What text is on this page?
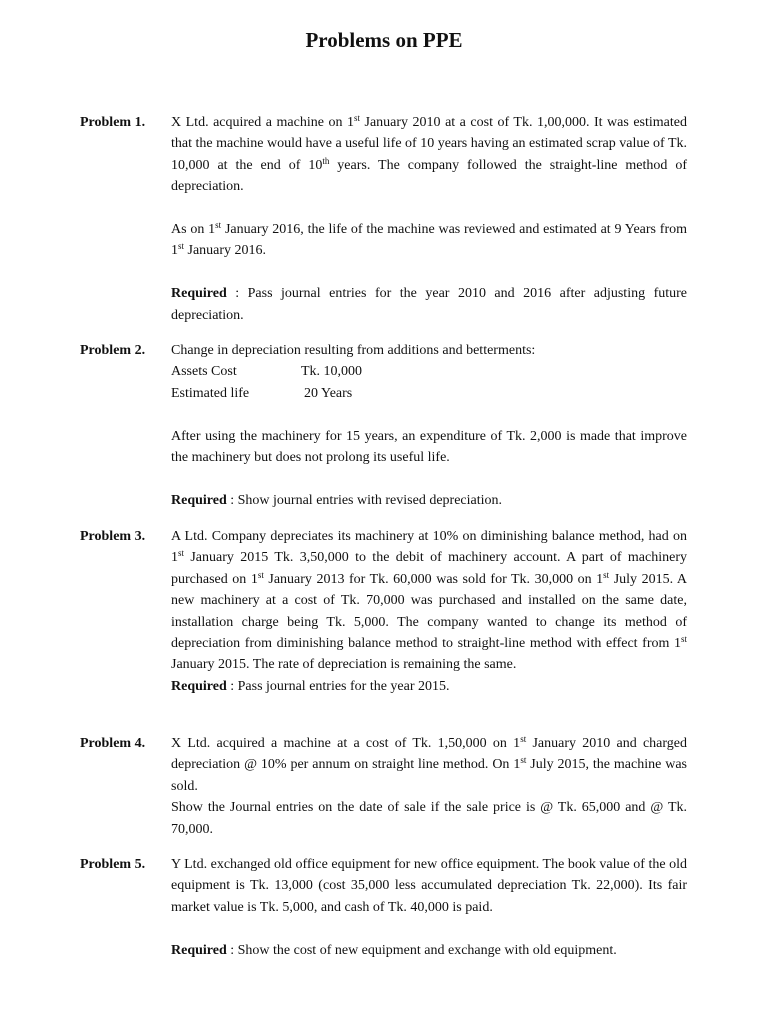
Problems on PPE
Problem 1.	X Ltd. acquired a machine on 1st January 2010 at a cost of Tk. 1,00,000. It was estimated that the machine would have a useful life of 10 years having an estimated scrap value of Tk. 10,000 at the end of 10th years. The company followed the straight-line method of depreciation.

As on 1st January 2016, the life of the machine was reviewed and estimated at 9 Years from 1st January 2016.

Required : Pass journal entries for the year 2010 and 2016 after adjusting future depreciation.

Problem 2.	Change in depreciation resulting from additions and betterments:
Assets Cost	Tk. 10,000
Estimated life	20 Years

After using the machinery for 15 years, an expenditure of Tk. 2,000 is made that improve the machinery but does not prolong its useful life.

Required : Show journal entries with revised depreciation.

Problem 3.	A Ltd. Company depreciates its machinery at 10% on diminishing balance method, had on 1st January 2015 Tk. 3,50,000 to the debit of machinery account. A part of machinery purchased on 1st January 2013 for Tk. 60,000 was sold for Tk. 30,000 on 1st July 2015. A new machinery at a cost of Tk. 70,000 was purchased and installed on the same date, installation charge being Tk. 5,000. The company wanted to change its method of depreciation from diminishing balance method to straight-line method with effect from 1st January 2015. The rate of depreciation is remaining the same.

Required : Pass journal entries for the year 2015.

Problem 4.	X Ltd. acquired a machine at a cost of Tk. 1,50,000 on 1st January 2010 and charged depreciation @ 10% per annum on straight line method. On 1st July 2015, the machine was sold.

Show the Journal entries on the date of sale if the sale price is @ Tk. 65,000 and @ Tk. 70,000.

Problem 5.	Y Ltd. exchanged old office equipment for new office equipment. The book value of the old equipment is Tk. 13,000 (cost 35,000 less accumulated depreciation Tk. 22,000). Its fair market value is Tk. 5,000, and cash of Tk. 40,000 is paid.

Required : Show the cost of new equipment and exchange with old equipment.
